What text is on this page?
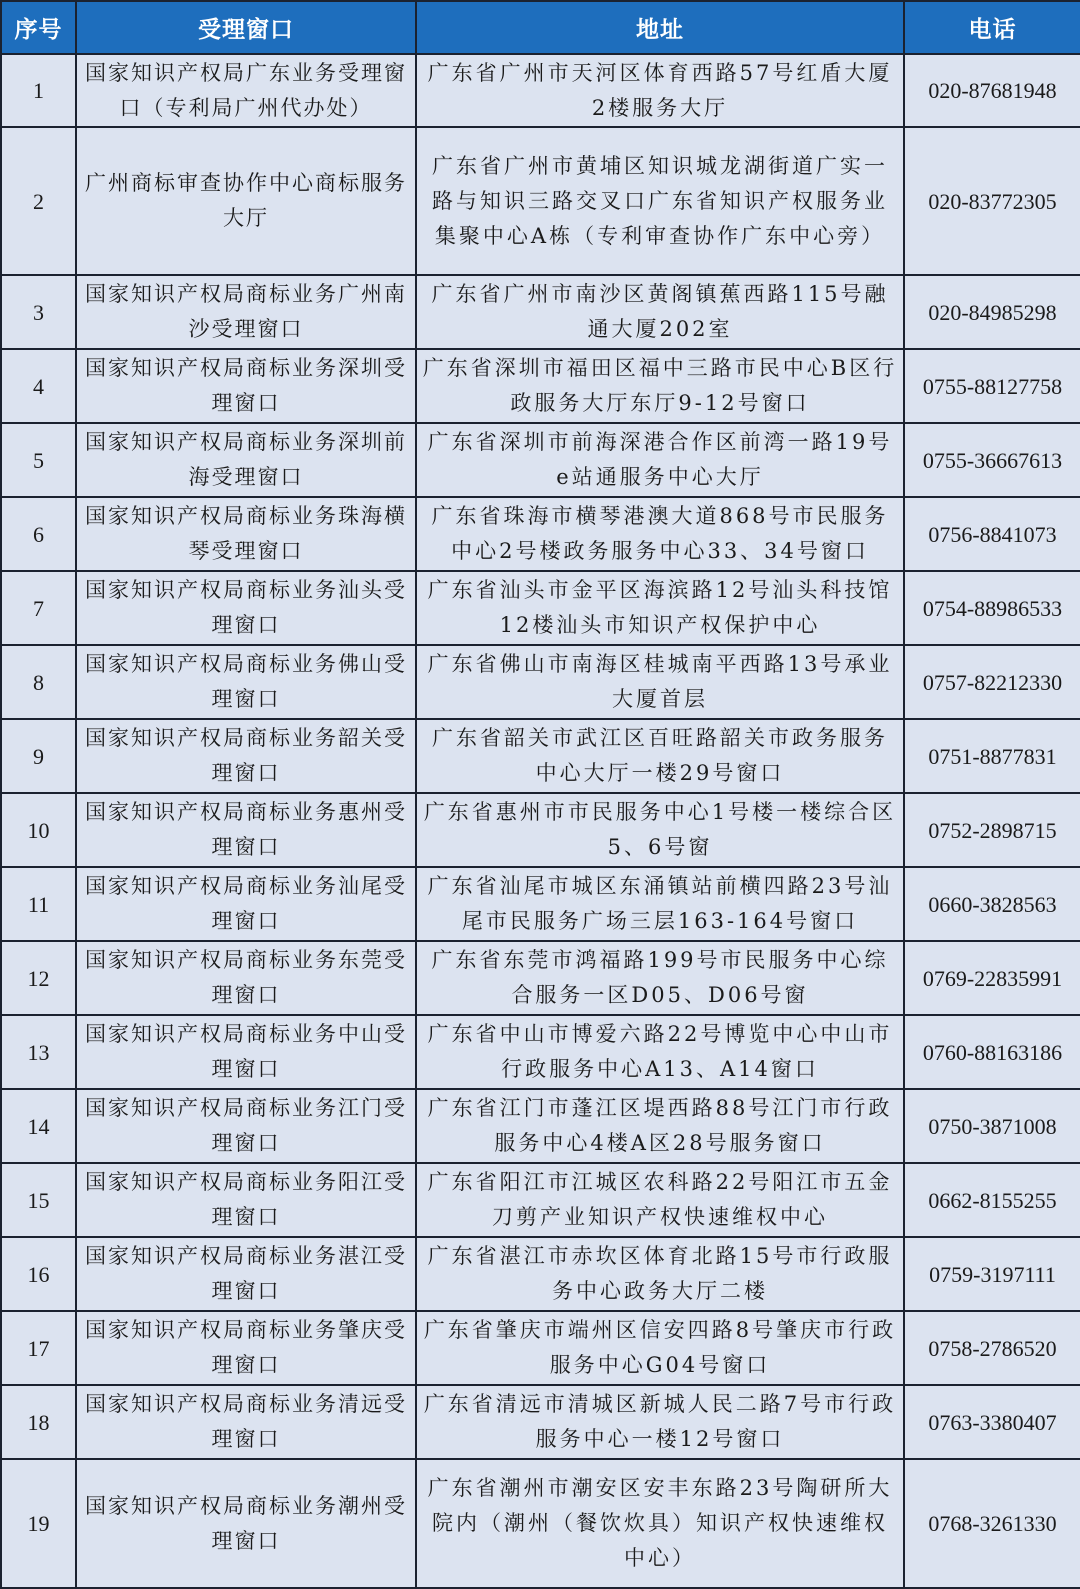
序号	受理窗口	地址	电话
1	国家知识产权局广东业务受理窗口（专利局广州代办处）	广东省广州市天河区体育西路57号红盾大厦2楼服务大厅	020-87681948
2	广州商标审查协作中心商标服务大厅	广东省广州市黄埔区知识城龙湖街道广实一路与知识三路交叉口广东省知识产权服务业集聚中心A栋（专利审查协作广东中心旁）	020-83772305
3	国家知识产权局商标业务广州南沙受理窗口	广东省广州市南沙区黄阁镇蕉西路115号融通大厦202室	020-84985298
4	国家知识产权局商标业务深圳受理窗口	广东省深圳市福田区福中三路市民中心B区行政服务大厅东厅9-12号窗口	0755-88127758
5	国家知识产权局商标业务深圳前海受理窗口	广东省深圳市前海深港合作区前湾一路19号e站通服务中心大厅	0755-36667613
6	国家知识产权局商标业务珠海横琴受理窗口	广东省珠海市横琴港澳大道868号市民服务中心2号楼政务服务中心33、34号窗口	0756-8841073
7	国家知识产权局商标业务汕头受理窗口	广东省汕头市金平区海滨路12号汕头科技馆12楼汕头市知识产权保护中心	0754-88986533
8	国家知识产权局商标业务佛山受理窗口	广东省佛山市南海区桂城南平西路13号承业大厦首层	0757-82212330
9	国家知识产权局商标业务韶关受理窗口	广东省韶关市武江区百旺路韶关市政务服务中心大厅一楼29号窗口	0751-8877831
10	国家知识产权局商标业务惠州受理窗口	广东省惠州市市民服务中心1号楼一楼综合区5、6号窗	0752-2898715
11	国家知识产权局商标业务汕尾受理窗口	广东省汕尾市城区东涌镇站前横四路23号汕尾市民服务广场三层163-164号窗口	0660-3828563
12	国家知识产权局商标业务东莞受理窗口	广东省东莞市鸿福路199号市民服务中心综合服务一区D05、D06号窗	0769-22835991
13	国家知识产权局商标业务中山受理窗口	广东省中山市博爱六路22号博览中心中山市行政服务中心A13、A14窗口	0760-88163186
14	国家知识产权局商标业务江门受理窗口	广东省江门市蓬江区堤西路88号江门市行政服务中心4楼A区28号服务窗口	0750-3871008
15	国家知识产权局商标业务阳江受理窗口	广东省阳江市江城区农科路22号阳江市五金刀剪产业知识产权快速维权中心	0662-8155255
16	国家知识产权局商标业务湛江受理窗口	广东省湛江市赤坎区体育北路15号市行政服务中心政务大厅二楼	0759-3197111
17	国家知识产权局商标业务肇庆受理窗口	广东省肇庆市端州区信安四路8号肇庆市行政服务中心G04号窗口	0758-2786520
18	国家知识产权局商标业务清远受理窗口	广东省清远市清城区新城人民二路7号市行政服务中心一楼12号窗口	0763-3380407
19	国家知识产权局商标业务潮州受理窗口	广东省潮州市潮安区安丰东路23号陶研所大院内（潮州（餐饮炊具）知识产权快速维权中心）	0768-3261330
